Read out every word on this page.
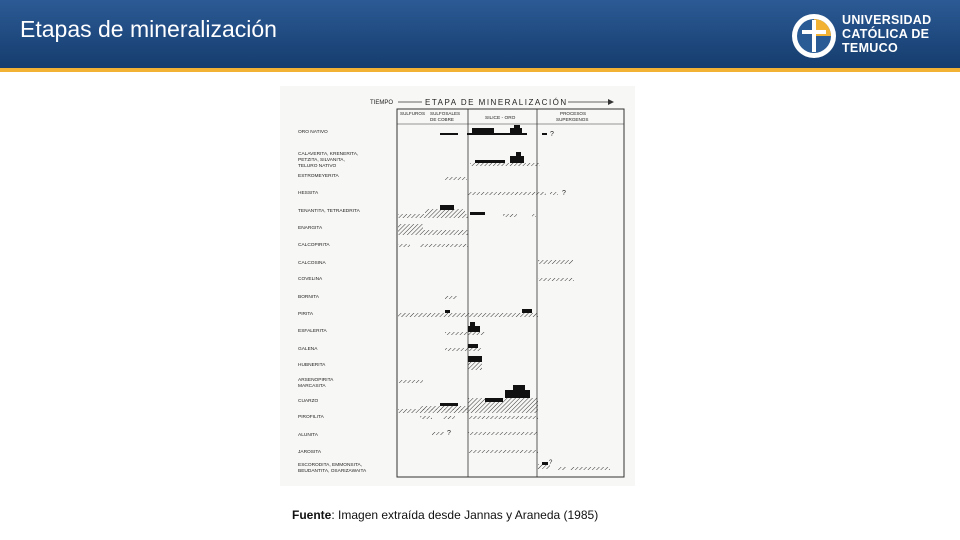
Etapas de mineralización	UNIVERSIDAD
CATÓLICA DE
TEMUCO
TIEMPO	ETAPA DE MINERALIZACIÓN
SULFUROS SULFOSALES
DE COBRE	SILICE - ORO
PROCESOS
SUPERGENOS
ORO NATIVO
CALAVERITA, KRENERITA,
PETZITA, SILVANITA,
TELURO NATIVO
ESTROMEYERITA
HESSITA
TENANTITA, TETRAEDRITA
ENARGITA
CALCOPIRITA
CALCOSINA
COVELINA
BORNITA
PIRITA
ESFALERITA
GALENA
HUBNERITA
ARSENOPIRITA
MARCASITA
CUARZO
PIROFILITA
ALUNITA
JAROSITA
ESCORODITA, EMMONSITA,
BEUDANTITA, OSARIZAWAITA
?
?
?
?
Fuente: Imagen extraída desde Jannas y Araneda (1985)
